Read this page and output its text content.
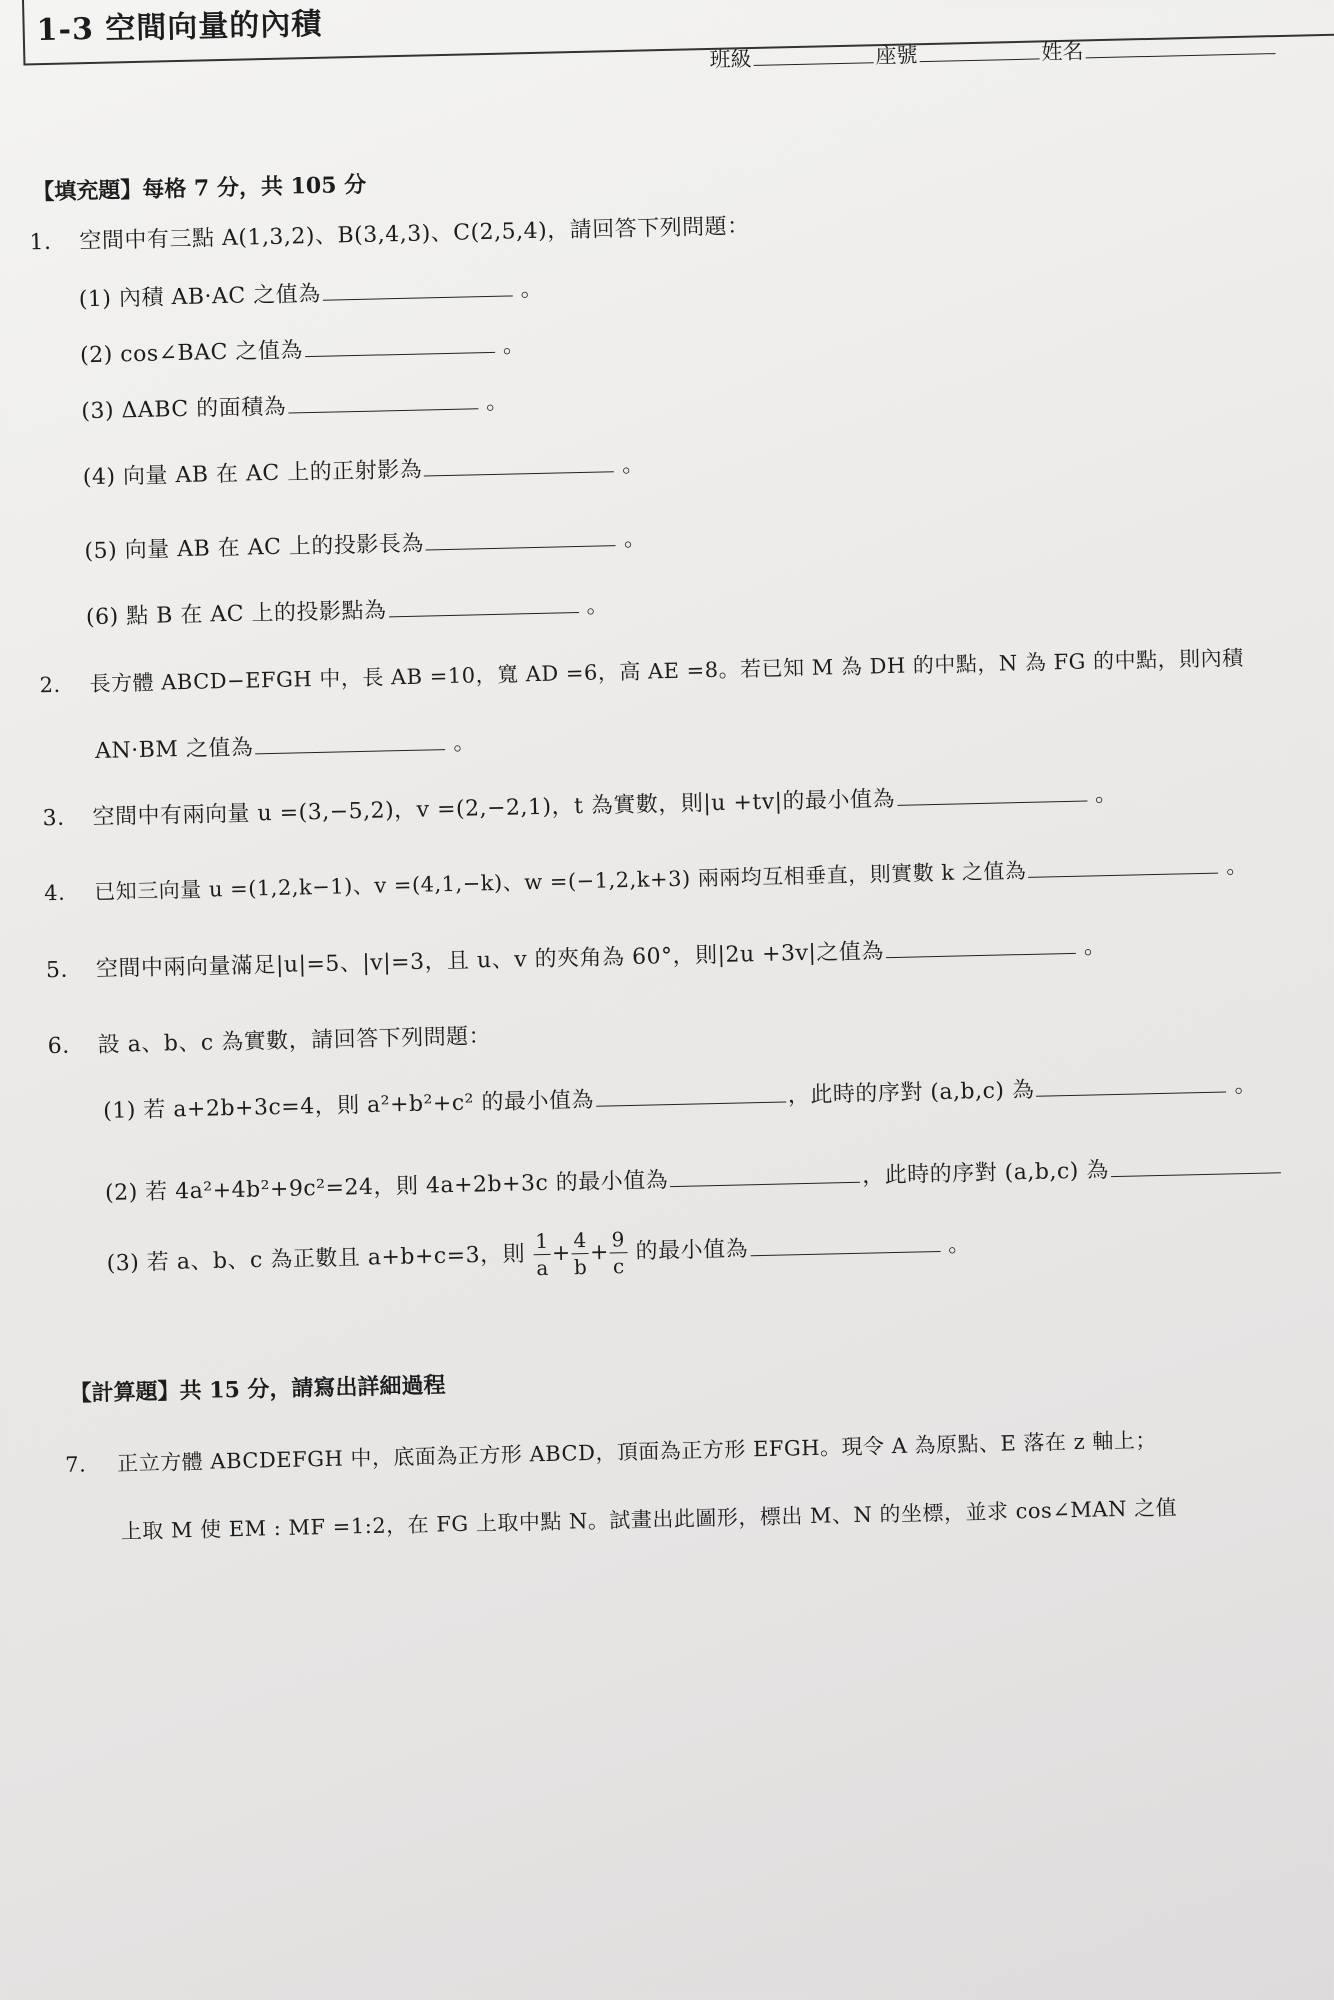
1-3 空間向量的內積
班級	座號	姓名
【填充題】每格 7 分，共 105 分
1. 空間中有三點 A(1,3,2)、B(3,4,3)、C(2,5,4)，請回答下列問題：
(1) 內積 AB·AC 之值為	。
(2) cos∠BAC 之值為	。
(3) ΔABC 的面積為	。
(4) 向量 AB 在 AC 上的正射影為	。
(5) 向量 AB 在 AC 上的投影長為	。
(6) 點 B 在 AC 上的投影點為	。
2. 長方體 ABCD−EFGH 中，長 AB =10，寬 AD =6，高 AE =8。若已知 M 為 DH 的中點，N 為 FG 的中點，則內積
AN·BM 之值為	。
3. 空間中有兩向量 u =(3,−5,2)，v =(2,−2,1)，t 為實數，則|u +tv|的最小值為	。
4. 已知三向量 u =(1,2,k−1)、v =(4,1,−k)、w =(−1,2,k+3) 兩兩均互相垂直，則實數 k 之值為	。
5. 空間中兩向量滿足|u|=5、|v|=3，且 u、v 的夾角為 60°，則|2u +3v|之值為	。
6. 設 a、b、c 為實數，請回答下列問題：
(1) 若 a+2b+3c=4，則 a²+b²+c² 的最小值為	，此時的序對 (a,b,c) 為	。
(2) 若 4a²+4b²+9c²=24，則 4a+2b+3c 的最小值為	，此時的序對 (a,b,c) 為
(3) 若 a、b、c 為正數且 a+b+c=3，則 $\frac{1}{a} + \frac{4}{b} + \frac{9}{c}$ 的最小值為	。
【計算題】共 15 分，請寫出詳細過程
7. 正立方體 ABCDEFGH 中，底面為正方形 ABCD，頂面為正方形 EFGH。現令 A 為原點、E 落在 z 軸上；
上取 M 使 EM : MF =1:2，在 FG 上取中點 N。試畫出此圖形，標出 M、N 的坐標，並求 cos∠MAN 之值
